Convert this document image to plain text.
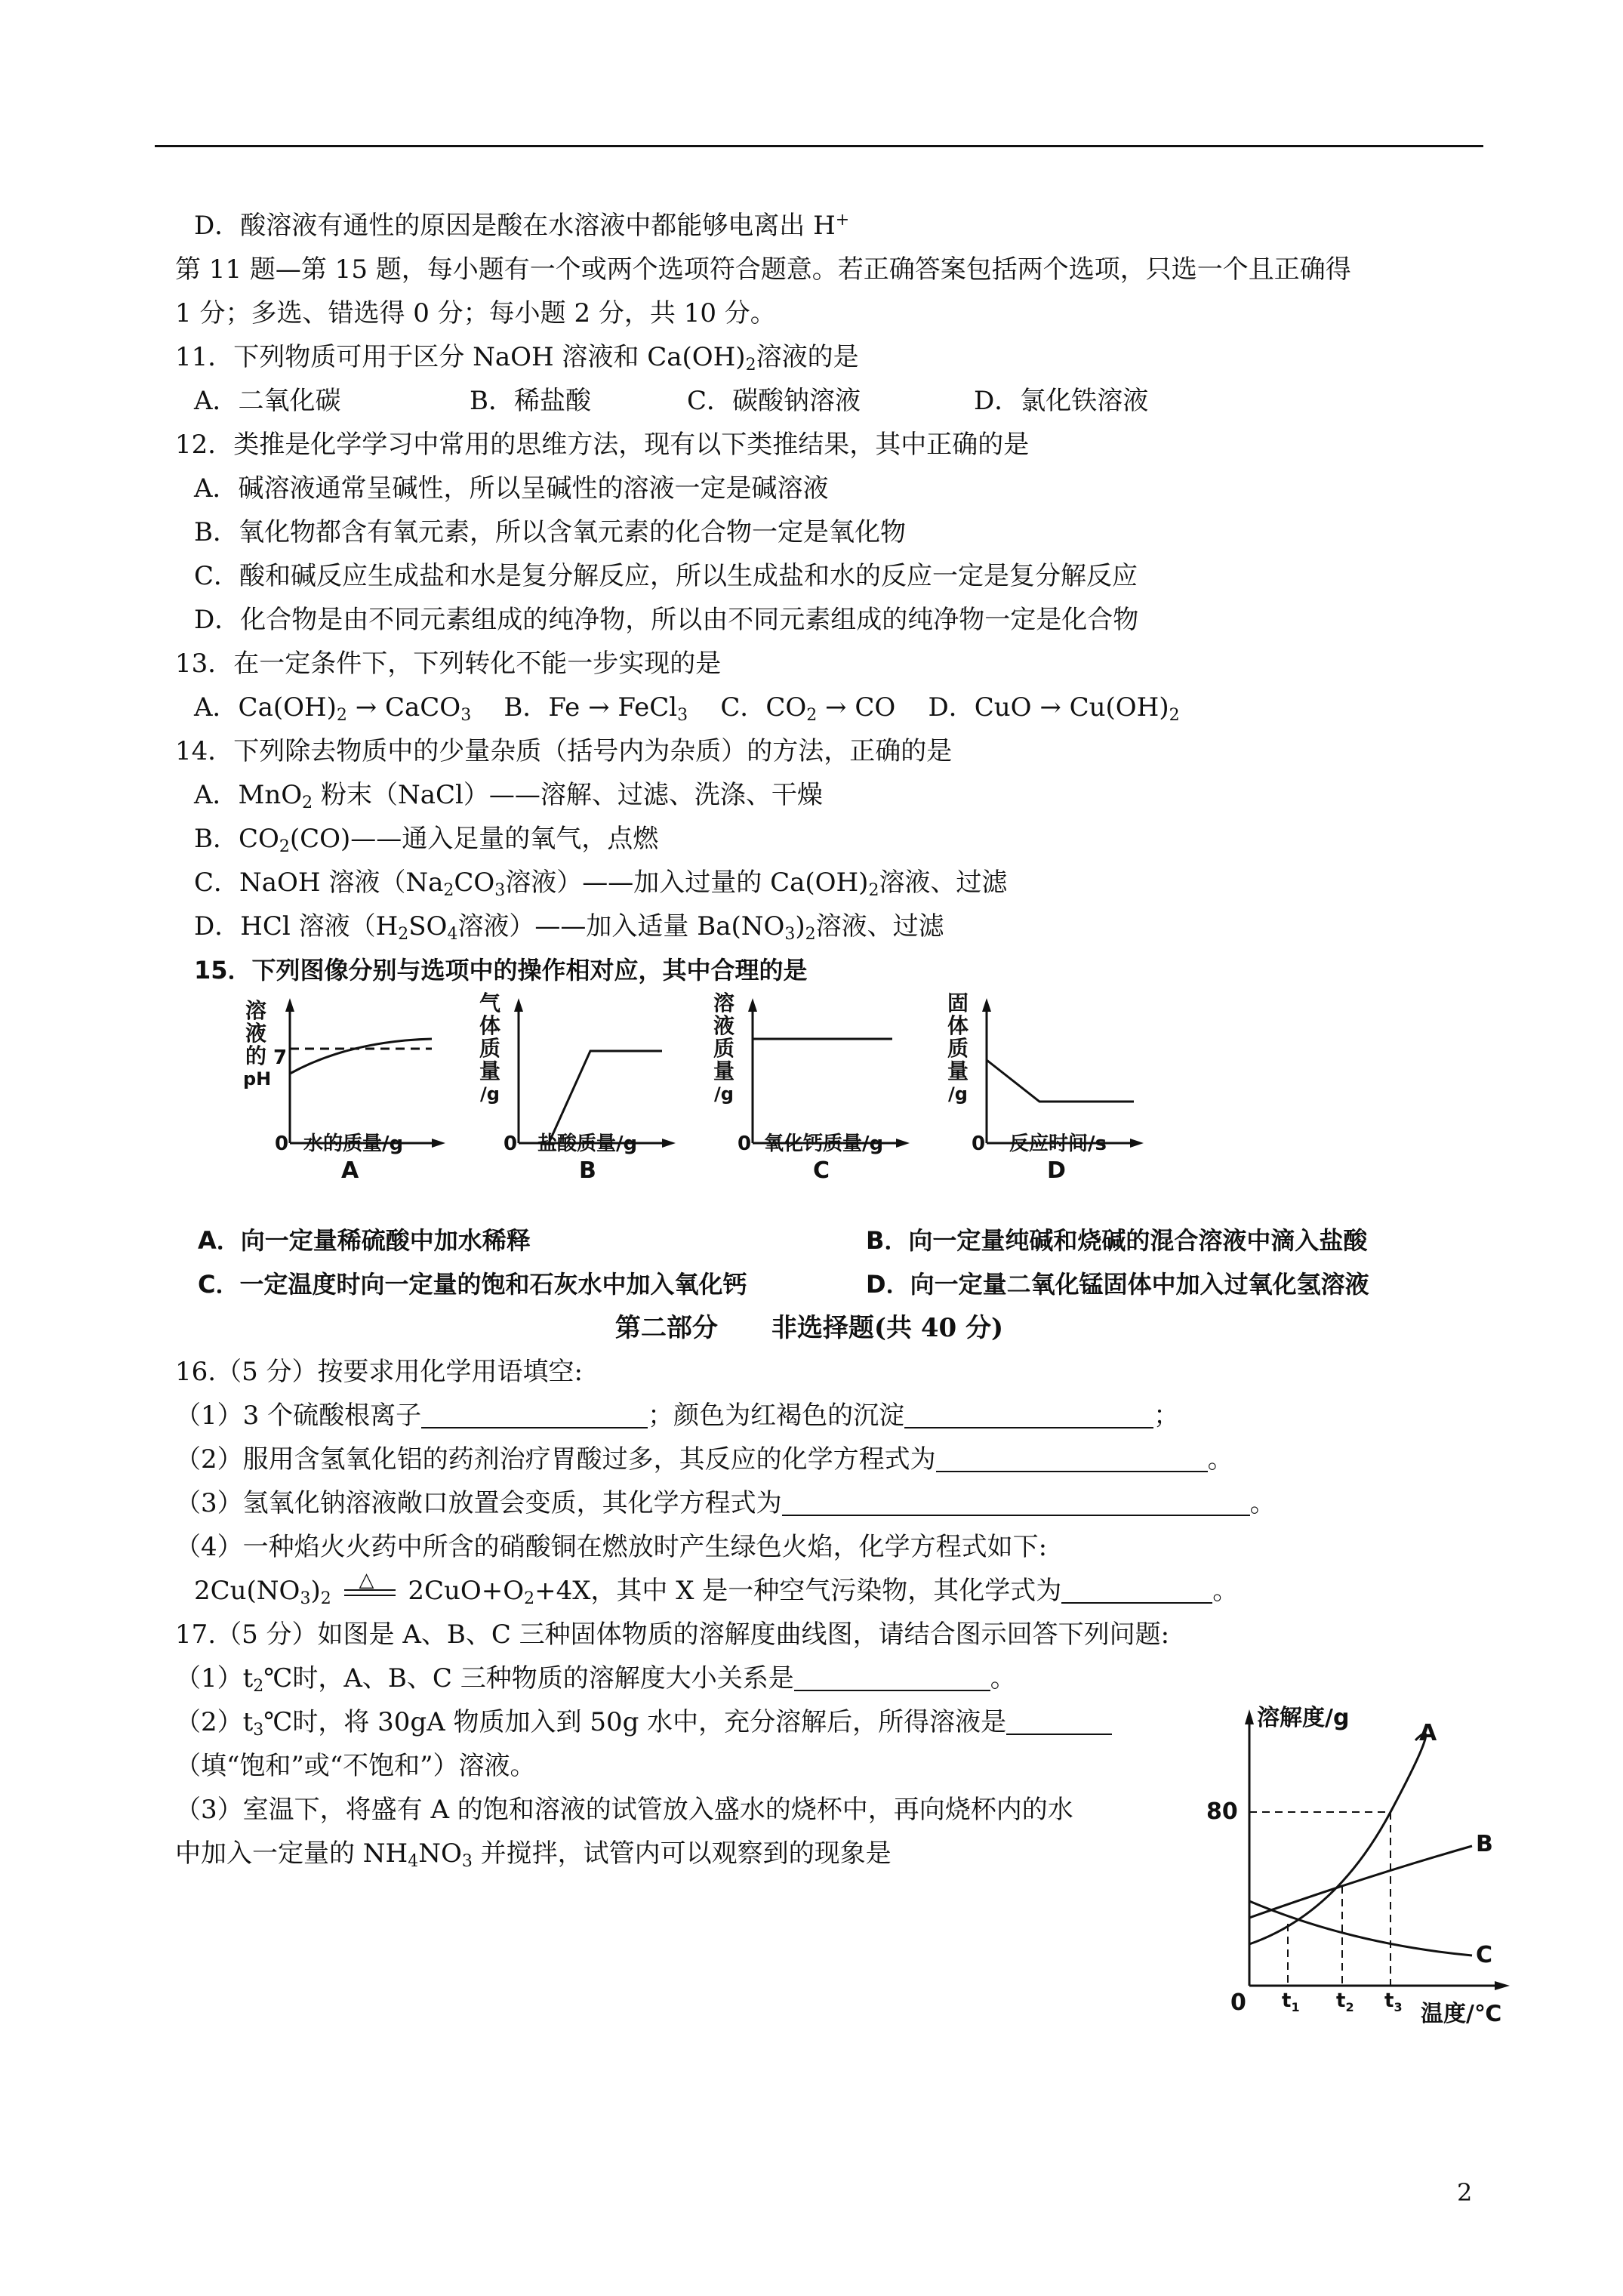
D．酸溶液有通性的原因是酸在水溶液中都能够电离出 H+
第 11 题—第 15 题，每小题有一个或两个选项符合题意。若正确答案包括两个选项，只选一个且正确得
1 分；多选、错选得 0 分；每小题 2 分，共 10 分。
11．下列物质可用于区分 NaOH 溶液和 $Ca(OH)_2$溶液的是
A．二氧化碳	B．稀盐酸	C．碳酸钠溶液	D．氯化铁溶液
12．类推是化学学习中常用的思维方法，现有以下类推结果，其中正确的是
A．碱溶液通常呈碱性，所以呈碱性的溶液一定是碱溶液
B．氧化物都含有氧元素，所以含氧元素的化合物一定是氧化物
C．酸和碱反应生成盐和水是复分解反应，所以生成盐和水的反应一定是复分解反应
D．化合物是由不同元素组成的纯净物，所以由不同元素组成的纯净物一定是化合物
13．在一定条件下，下列转化不能一步实现的是
A．$Ca(OH)_2$ → CaCO$_3$ B．Fe → FeCl$_3$ C．$CO_2$ → CO D．CuO → $Cu(OH)_2$
14．下列除去物质中的少量杂质（括号内为杂质）的方法，正确的是
A．MnO$_2$ 粉末（NaCl）——溶解、过滤、洗涤、干燥
B．$CO_2(CO)——$通入足量的氧气，点燃
C．NaOH 溶液（$Na_2CO_3$溶液）——加入过量的 $Ca(OH)_2$溶液、过滤
D．HCl 溶液（$H_2SO_4$溶液）——加入适量 $Ba(NO_3)_2$溶液、过滤
15．下列图像分别与选项中的操作相对应，其中合理的是
溶
液
的
pH
0
7
水的质量/g
A
气
体
质
量
/g
0 盐酸质量/g
B
溶
液
质
量
/g
0 氧化钙质量/g
C
固
体
质
量
/g
0 反应时间/s
D
A．向一定量稀硫酸中加水稀释	B．向一定量纯碱和烧碱的混合溶液中滴入盐酸
C．一定温度时向一定量的饱和石灰水中加入氧化钙	D．向一定量二氧化锰固体中加入过氧化氢溶液
第二部分 非选择题(共 40 分)
16.（5 分）按要求用化学用语填空:
（1）3 个硫酸根离子	；颜色为红褐色的沉淀	；
（2）服用含氢氧化铝的药剂治疗胃酸过多，其反应的化学方程式为	。
（3）氢氧化钠溶液敞口放置会变质，其化学方程式为	。
（4）一种焰火火药中所含的硝酸铜在燃放时产生绿色火焰，化学方程式如下:
$2Cu(NO_3)_2$
△ $2CuO+O_2+4X$，其中 X 是一种空气污染物，其化学式为	。
17.（5 分）如图是 A、B、C 三种固体物质的溶解度曲线图，请结合图示回答下列问题:
$(1)t_2℃$时，A、B、C 三种物质的溶解度大小关系是	。
$(2)t_3℃$时，将 30gA 物质加入到 50g 水中，充分溶解后，所得溶液是
（填“饱和”或“不饱和”）溶液。
（3）室温下，将盛有 A 的饱和溶液的试管放入盛水的烧杯中，再向烧杯内的水
中加入一定量的 $NH_4NO_3$ 并搅拌，试管内可以观察到的现象是
溶解度/g
80
0 $t_1$ $t_2$ $t_3$ 温度/℃
A
B
C
2
